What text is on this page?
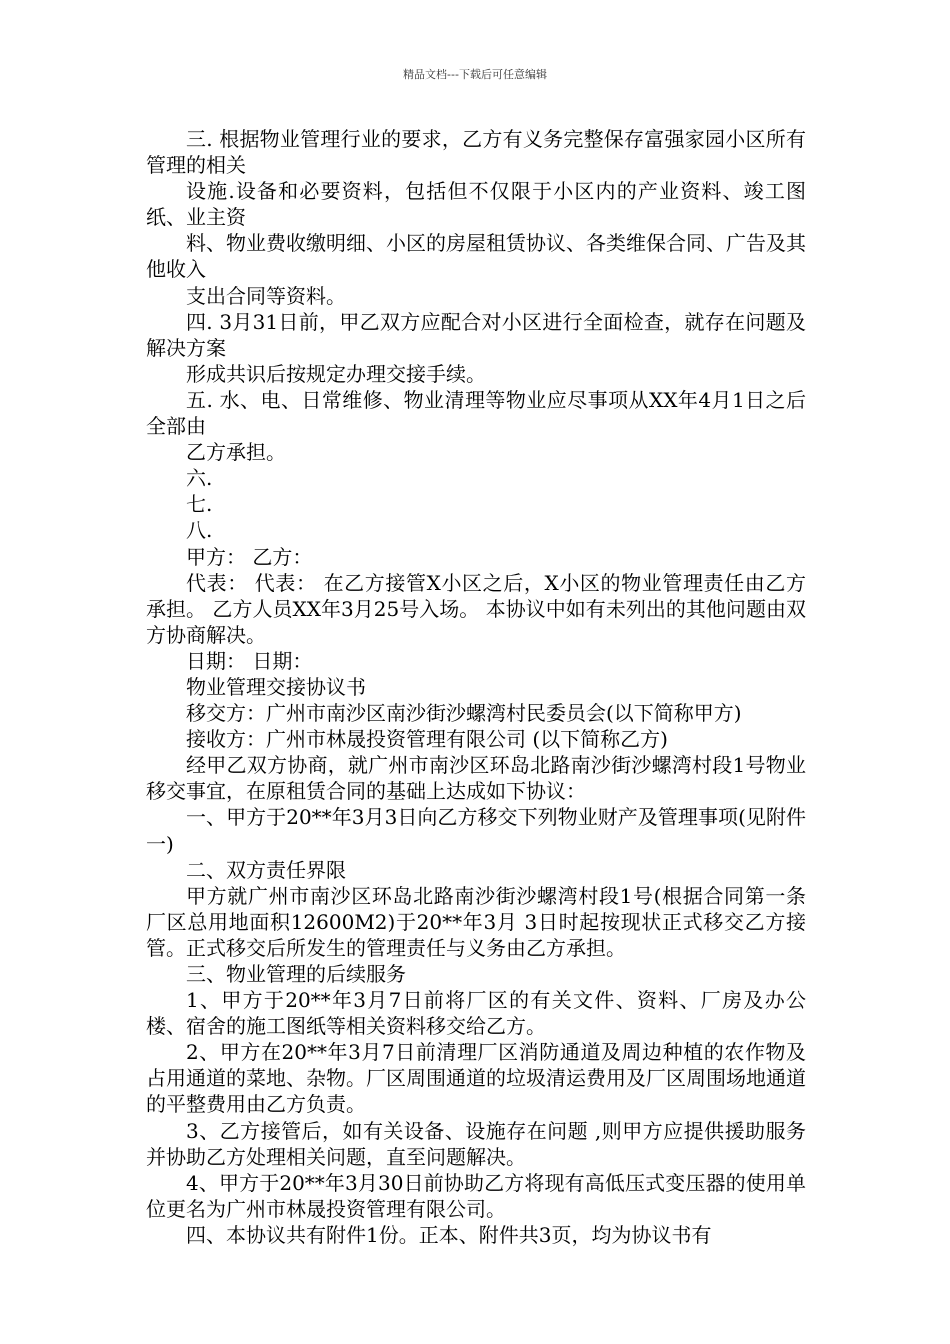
精品文档---下载后可任意编辑

三. 根据物业管理行业的要求，乙方有义务完整保存富强家园小区所有管理的相关

设施.设备和必要资料，包括但不仅限于小区内的产业资料、竣工图纸、业主资

料、物业费收缴明细、小区的房屋租赁协议、各类维保合同、广告及其他收入

支出合同等资料。

四. 3月31日前，甲乙双方应配合对小区进行全面检查，就存在问题及解决方案

形成共识后按规定办理交接手续。

五. 水、电、日常维修、物业清理等物业应尽事项从XX年4月1日之后全部由

乙方承担。

六.

七.

八.

甲方： 乙方：

代表： 代表： 在乙方接管X小区之后，X小区的物业管理责任由乙方承担。 乙方人员XX年3月25号入场。 本协议中如有未列出的其他问题由双方协商解决。

日期： 日期：

物业管理交接协议书

移交方：广州市南沙区南沙街沙螺湾村民委员会(以下简称甲方)

接收方：广州市林晟投资管理有限公司 (以下简称乙方)

经甲乙双方协商，就广州市南沙区环岛北路南沙街沙螺湾村段1号物业移交事宜，在原租赁合同的基础上达成如下协议：

一、甲方于20**年3月3日向乙方移交下列物业财产及管理事项(见附件一)

二、双方责任界限

甲方就广州市南沙区环岛北路南沙街沙螺湾村段1号(根据合同第一条厂区总用地面积12600M2)于20**年3月 3日时起按现状正式移交乙方接管。正式移交后所发生的管理责任与义务由乙方承担。

三、物业管理的后续服务

1、甲方于20**年3月7日前将厂区的有关文件、资料、厂房及办公楼、宿舍的施工图纸等相关资料移交给乙方。

2、甲方在20**年3月7日前清理厂区消防通道及周边种植的农作物及占用通道的菜地、杂物。厂区周围通道的垃圾清运费用及厂区周围场地通道的平整费用由乙方负责。

3、乙方接管后，如有关设备、设施存在问题 ,则甲方应提供援助服务并协助乙方处理相关问题，直至问题解决。

4、甲方于20**年3月30日前协助乙方将现有高低压式变压器的使用单位更名为广州市林晟投资管理有限公司。

四、本协议共有附件1份。正本、附件共3页，均为协议书有
